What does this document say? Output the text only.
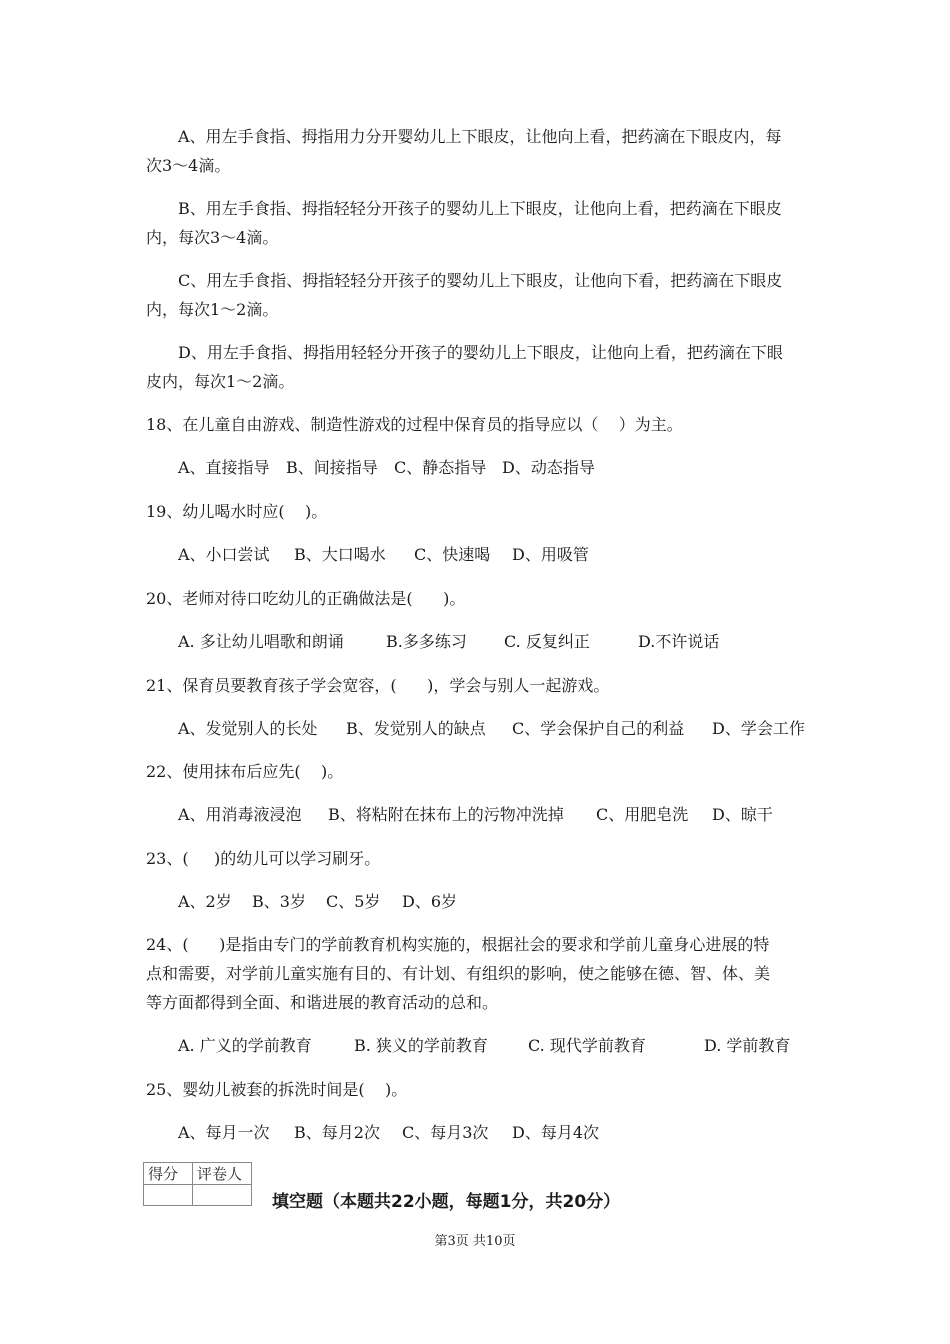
A、用左手食指、拇指用力分开婴幼儿上下眼皮，让他向上看，把药滴在下眼皮内，每
次3～4滴。
B、用左手食指、拇指轻轻分开孩子的婴幼儿上下眼皮，让他向上看，把药滴在下眼皮
内，每次3～4滴。
C、用左手食指、拇指轻轻分开孩子的婴幼儿上下眼皮，让他向下看，把药滴在下眼皮
内，每次1～2滴。
D、用左手食指、拇指用轻轻分开孩子的婴幼儿上下眼皮，让他向上看，把药滴在下眼
皮内，每次1～2滴。
18、在儿童自由游戏、制造性游戏的过程中保育员的指导应以（    ）为主。
A、直接指导 B、间接指导 C、静态指导 D、动态指导
19、幼儿喝水时应(    )。
A、小口尝试 B、大口喝水 C、快速喝 D、用吸管
20、老师对待口吃幼儿的正确做法是(      )。
A. 多让幼儿唱歌和朗诵	B.多多练习 C. 反复纠正	D.不许说话
21、保育员要教育孩子学会宽容，(      )，学会与别人一起游戏。
A、发觉别人的长处 B、发觉别人的缺点 C、学会保护自己的利益 D、学会工作
22、使用抹布后应先(    )。
A、用消毒液浸泡 B、将粘附在抹布上的污物冲洗掉 C、用肥皂洗 D、晾干
23、(     )的幼儿可以学习刷牙。
A、2岁 B、3岁 C、5岁 D、6岁
24、(      )是指由专门的学前教育机构实施的，根据社会的要求和学前儿童身心进展的特
点和需要，对学前儿童实施有目的、有计划、有组织的影响，使之能够在德、智、体、美
等方面都得到全面、和谐进展的教育活动的总和。
A. 广义的学前教育	B. 狭义的学前教育	C. 现代学前教育	D. 学前教育
25、婴幼儿被套的拆洗时间是(    )。
A、每月一次 B、每月2次 C、每月3次 D、每月4次
得分	评卷人

填空题（本题共22小题，每题1分，共20分）
第3页 共10页
